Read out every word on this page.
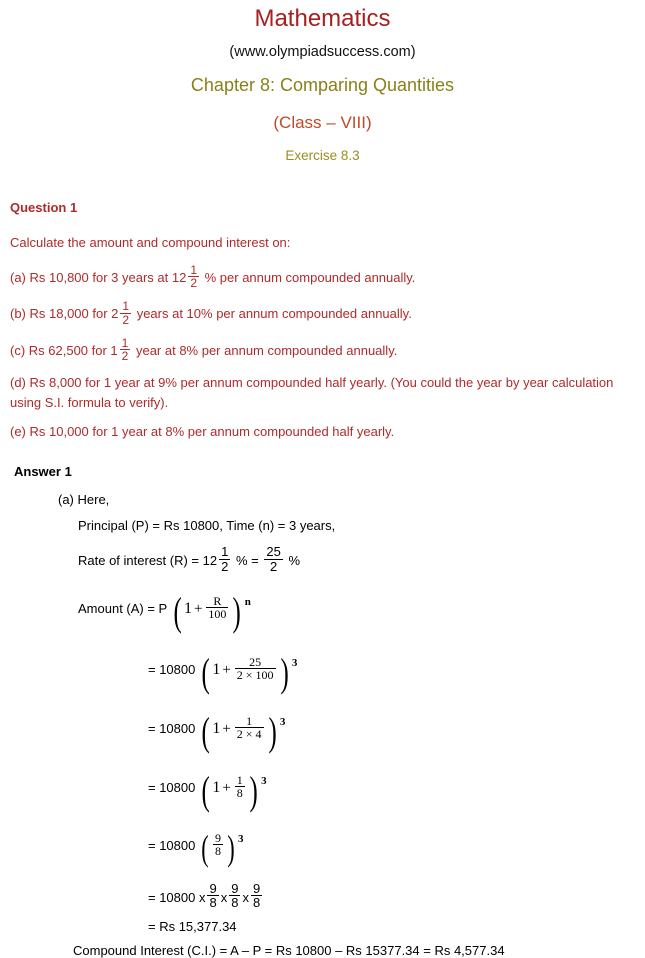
Mathematics
(www.olympiadsuccess.com)
Chapter 8: Comparing Quantities
(Class – VIII)
Exercise 8.3
Question 1
Calculate the amount and compound interest on:
(a) Rs 10,800 for 3 years at $12 \frac{1}{2}$ % per annum compounded annually.
(b) Rs 18,000 for $2 \frac{1}{2}$ years at 10% per annum compounded annually.
(c) Rs 62,500 for $1 \frac{1}{2}$ year at 8% per annum compounded annually.
(d) Rs 8,000 for 1 year at 9% per annum compounded half yearly. (You could the year by year calculation using S.I. formula to verify).
(e) Rs 10,000 for 1 year at 8% per annum compounded half yearly.
Answer 1
(a) Here,
Principal (P) = Rs 10800, Time (n) = 3 years,
Rate of interest $(R) = 12 \frac{1}{2}$ % = $\frac{25}{2}$ %
Amount (A) = P ( $1 + \frac{R}{100}$ ) $^n$
= 10800 ( $1 + \frac{25}{2 \times 100}$ ) $^3$
= 10800 ( $1 + \frac{1}{2 \times 4}$ ) $^3$
= 10800 ( $1 + \frac{1}{8}$ ) $^3$
= 10800 ( $\frac{9}{8}$ ) $^3$
= 10800 x $\frac{9}{8}$ x $\frac{9}{8}$ x $\frac{9}{8}$
= Rs 15,377.34
Compound Interest (C.I.) = A – P = Rs 10800 – Rs 15377.34 = Rs 4,577.34
